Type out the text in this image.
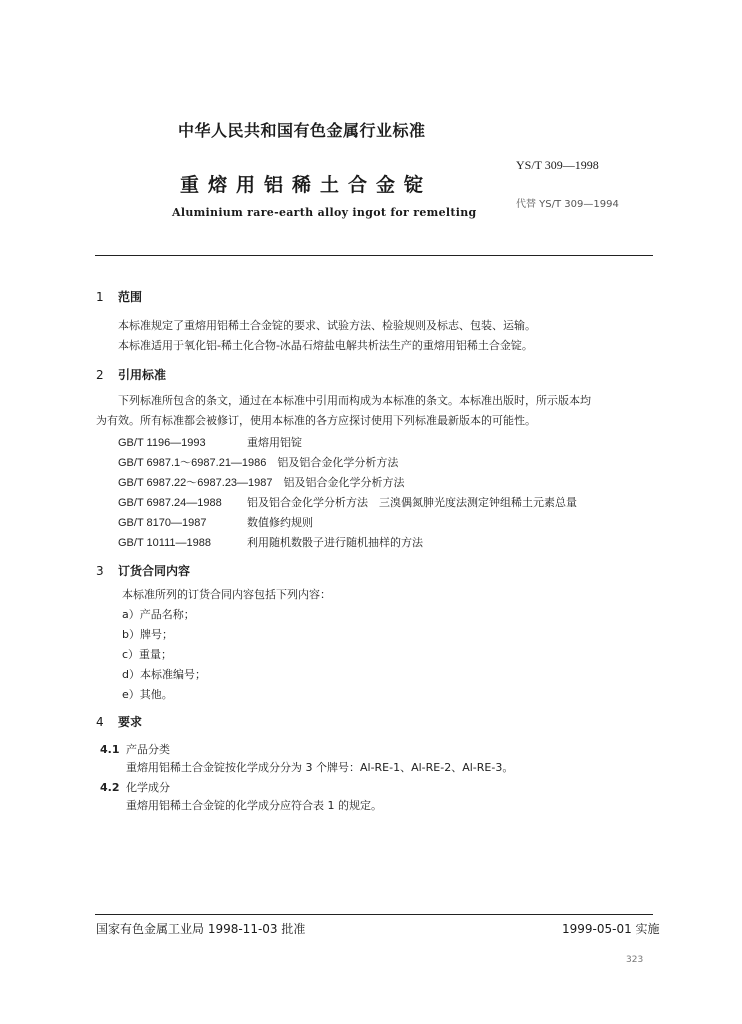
中华人民共和国有色金属行业标准
重熔用铝稀土合金锭
Aluminium rare-earth alloy ingot for remelting
YS/T 309—1998
代替 YS/T 309—1994
1 范围
本标准规定了重熔用铝稀土合金锭的要求、试验方法、检验规则及标志、包装、运输。
本标准适用于氧化铝-稀土化合物-冰晶石熔盐电解共析法生产的重熔用铝稀土合金锭。
2 引用标准
下列标准所包含的条文，通过在本标准中引用而构成为本标准的条文。本标准出版时，所示版本均
为有效。所有标准都会被修订，使用本标准的各方应探讨使用下列标准最新版本的可能性。
GB/T 1196—1993　	重熔用铝锭
GB/T 6987.1～6987.21—1986　 铝及铝合金化学分析方法
GB/T 6987.22～6987.23—1987　 铝及铝合金化学分析方法
GB/T 6987.24—1988　 铝及铝合金化学分析方法　三溴偶氮胂光度法测定钟组稀土元素总量
GB/T 8170—1987　	数值修约规则
GB/T 10111—1988　	利用随机数骰子进行随机抽样的方法
3 订货合同内容
本标准所列的订货合同内容包括下列内容：
a）产品名称；
b）牌号；
c）重量；
d）本标准编号；
e）其他。
4 要求
4.1 产品分类
重熔用铝稀土合金锭按化学成分分为 3 个牌号：Al-RE-1、Al-RE-2、Al-RE-3。
4.2 化学成分
重熔用铝稀土合金锭的化学成分应符合表 1 的规定。
国家有色金属工业局 1998-11-03 批准	1999-05-01 实施
323
